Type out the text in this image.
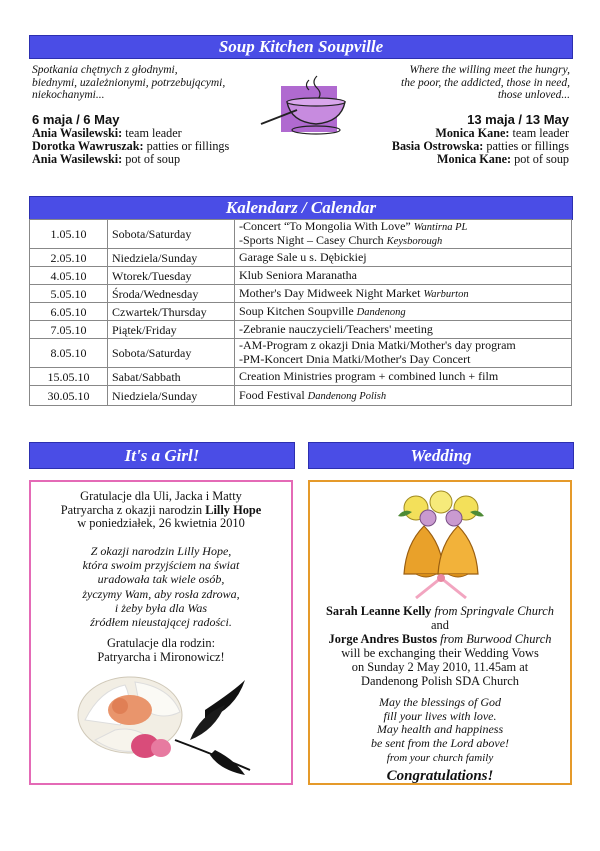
Soup Kitchen Soupville
Spotkania chętnych z głodnymi,
biednymi, uzależnionymi, potrzebującymi,
niekochanymi...
Where the willing meet the hungry,
the poor, the addicted, those in need,
those unloved...
6 maja / 6 May
Ania Wasilewski: team leader
Dorotka Wawruszak: patties or fillings
Ania Wasilewski: pot of soup
13 maja / 13 May
Monica Kane: team leader
Basia Ostrowska: patties or fillings
Monica Kane: pot of soup
Kalendarz / Calendar
1.05.10	Sobota/Saturday	-Concert “To Mongolia With Love” Wantirna PL
-Sports Night – Casey Church Keysborough

2.05.10	Niedziela/Sunday	Garage Sale u s. Dębickiej

4.05.10	Wtorek/Tuesday	Klub Seniora Maranatha

5.05.10	Środa/Wednesday	Mother's Day Midweek Night Market Warburton

6.05.10	Czwartek/Thursday	Soup Kitchen Soupville Dandenong

7.05.10	Piątek/Friday	-Zebranie nauczycieli/Teachers' meeting

8.05.10	Sobota/Saturday	-AM-Program z okazji Dnia Matki/Mother's day program
-PM-Koncert Dnia Matki/Mother's Day Concert

15.05.10	Sabat/Sabbath	Creation Ministries program + combined lunch + film

30.05.10	Niedziela/Sunday	Food Festival Dandenong Polish
It's a Girl!
Gratulacje dla Uli, Jacka i Matty
Patryarcha z okazji narodzin Lilly Hope
w poniedziałek, 26 kwietnia 2010
Z okazji narodzin Lilly Hope,
która swoim przyjściem na świat
uradowała tak wiele osób,
życzymy Wam, aby rosła zdrowa,
i żeby była dla Was
źródłem nieustającej radości.
Gratulacje dla rodzin:
Patryarcha i Mironowicz!
Wedding
Sarah Leanne Kelly from Springvale Church
and
Jorge Andres Bustos from Burwood Church
will be exchanging their Wedding Vows
on Sunday 2 May 2010, 11.45am at
Dandenong Polish SDA Church
May the blessings of God
fill your lives with love.
May health and happiness
be sent from the Lord above!
from your church family
Congratulations!
